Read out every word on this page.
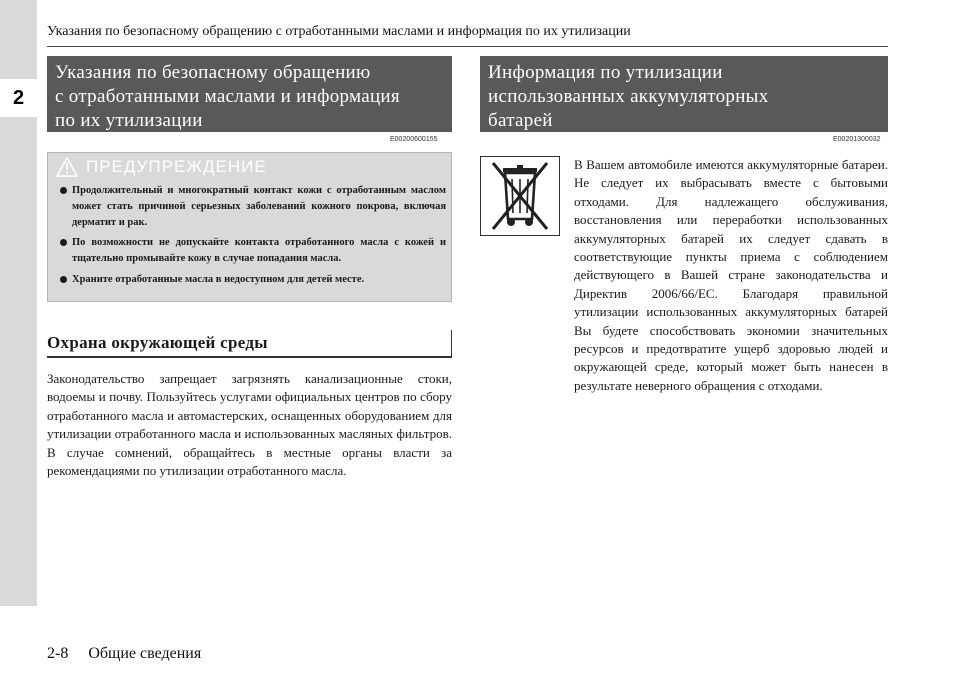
2
Указания по безопасному обращению с отработанными маслами и информация по их утилизации
Указания по безопасному обращению
с отработанными маслами и информация
по их утилизации
E00200600155
ПРЕДУПРЕЖДЕНИЕ
Продолжительный и многократный контакт кожи с отработанным маслом может стать причиной серьезных заболеваний кожного покрова, включая дерматит и рак.
По возможности не допускайте контакта отработанного масла с кожей и тщательно промывайте кожу в случае попадания масла.
Храните отработанные масла в недоступном для детей месте.
Охрана окружающей среды

Законодательство запрещает загрязнять канализационные стоки, водоемы и почву. Пользуйтесь услугами официальных центров по сбору отработанного масла и автомастерских, оснащенных оборудованием для утилизации отработанного масла и использованных масляных фильтров. В случае сомнений, обращайтесь в местные органы власти за рекомендациями по утилизации отработанного масла.

Информация по утилизации
использованных аккумуляторных
батарей
E00201300032

В Вашем автомобиле имеются аккумуляторные батареи. Не следует их выбрасывать вместе с бытовыми отходами. Для надлежащего обслуживания, восстановления или переработки использованных аккумуляторных батарей их следует сдавать в соответствующие пункты приема с соблюдением действующего в Вашей стране законодательства и Директив 2006/66/ЕС. Благодаря правильной утилизации использованных аккумуляторных батарей Вы будете способствовать экономии значительных ресурсов и предотвратите ущерб здоровью людей и окружающей среде, который может быть нанесен в результате неверного обращения с отходами.

2-8     Общие сведения
